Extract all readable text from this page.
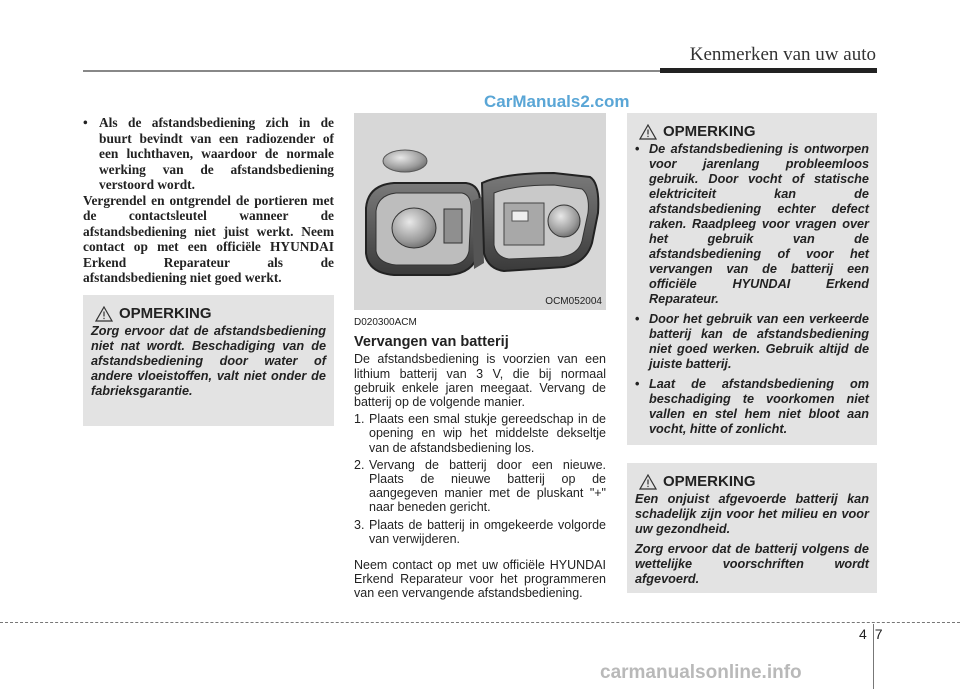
Kenmerken van uw auto
CarManuals2.com
• Als de afstandsbediening zich in de buurt bevindt van een radiozender of een luchthaven, waardoor de normale werking van de afstandsbediening verstoord wordt.
Vergrendel en ontgrendel de portieren met de contactsleutel wanneer de afstandsbediening niet juist werkt. Neem contact op met een officiële HYUNDAI Erkend Reparateur als de afstandsbediening niet goed werkt.
OPMERKING
Zorg ervoor dat de afstandsbediening niet nat wordt. Beschadiging van de afstandsbediening door water of andere vloeistoffen, valt niet onder de fabrieksgarantie.
OCM052004
D020300ACM
Vervangen van batterij
De afstandsbediening is voorzien van een lithium batterij van 3 V, die bij normaal gebruik enkele jaren meegaat. Vervang de batterij op de volgende manier.
1. Plaats een smal stukje gereedschap in de opening en wip het middelste dekseltje van de afstandsbediening los.
2. Vervang de batterij door een nieuwe. Plaats de nieuwe batterij op de aangegeven manier met de pluskant "+" naar beneden gericht.
3. Plaats de batterij in omgekeerde volgorde van verwijderen.
Neem contact op met uw officiële HYUNDAI Erkend Reparateur voor het programmeren van een vervangende afstandsbediening.
OPMERKING
• De afstandsbediening is ontworpen voor jarenlang probleemloos gebruik. Door vocht of statische elektriciteit kan de afstandsbediening echter defect raken. Raadpleeg voor vragen over het gebruik van de afstandsbediening of voor het vervangen van de batterij een officiële HYUNDAI Erkend Reparateur.
• Door het gebruik van een verkeerde batterij kan de afstandsbediening niet goed werken. Gebruik altijd de juiste batterij.
• Laat de afstandsbediening om beschadiging te voorkomen niet vallen en stel hem niet bloot aan vocht, hitte of zonlicht.
OPMERKING

Een onjuist afgevoerde batterij kan schadelijk zijn voor het milieu en voor uw gezondheid.

Zorg ervoor dat de batterij volgens de wettelijke voorschriften wordt afgevoerd.

47
carmanualsonline.info
